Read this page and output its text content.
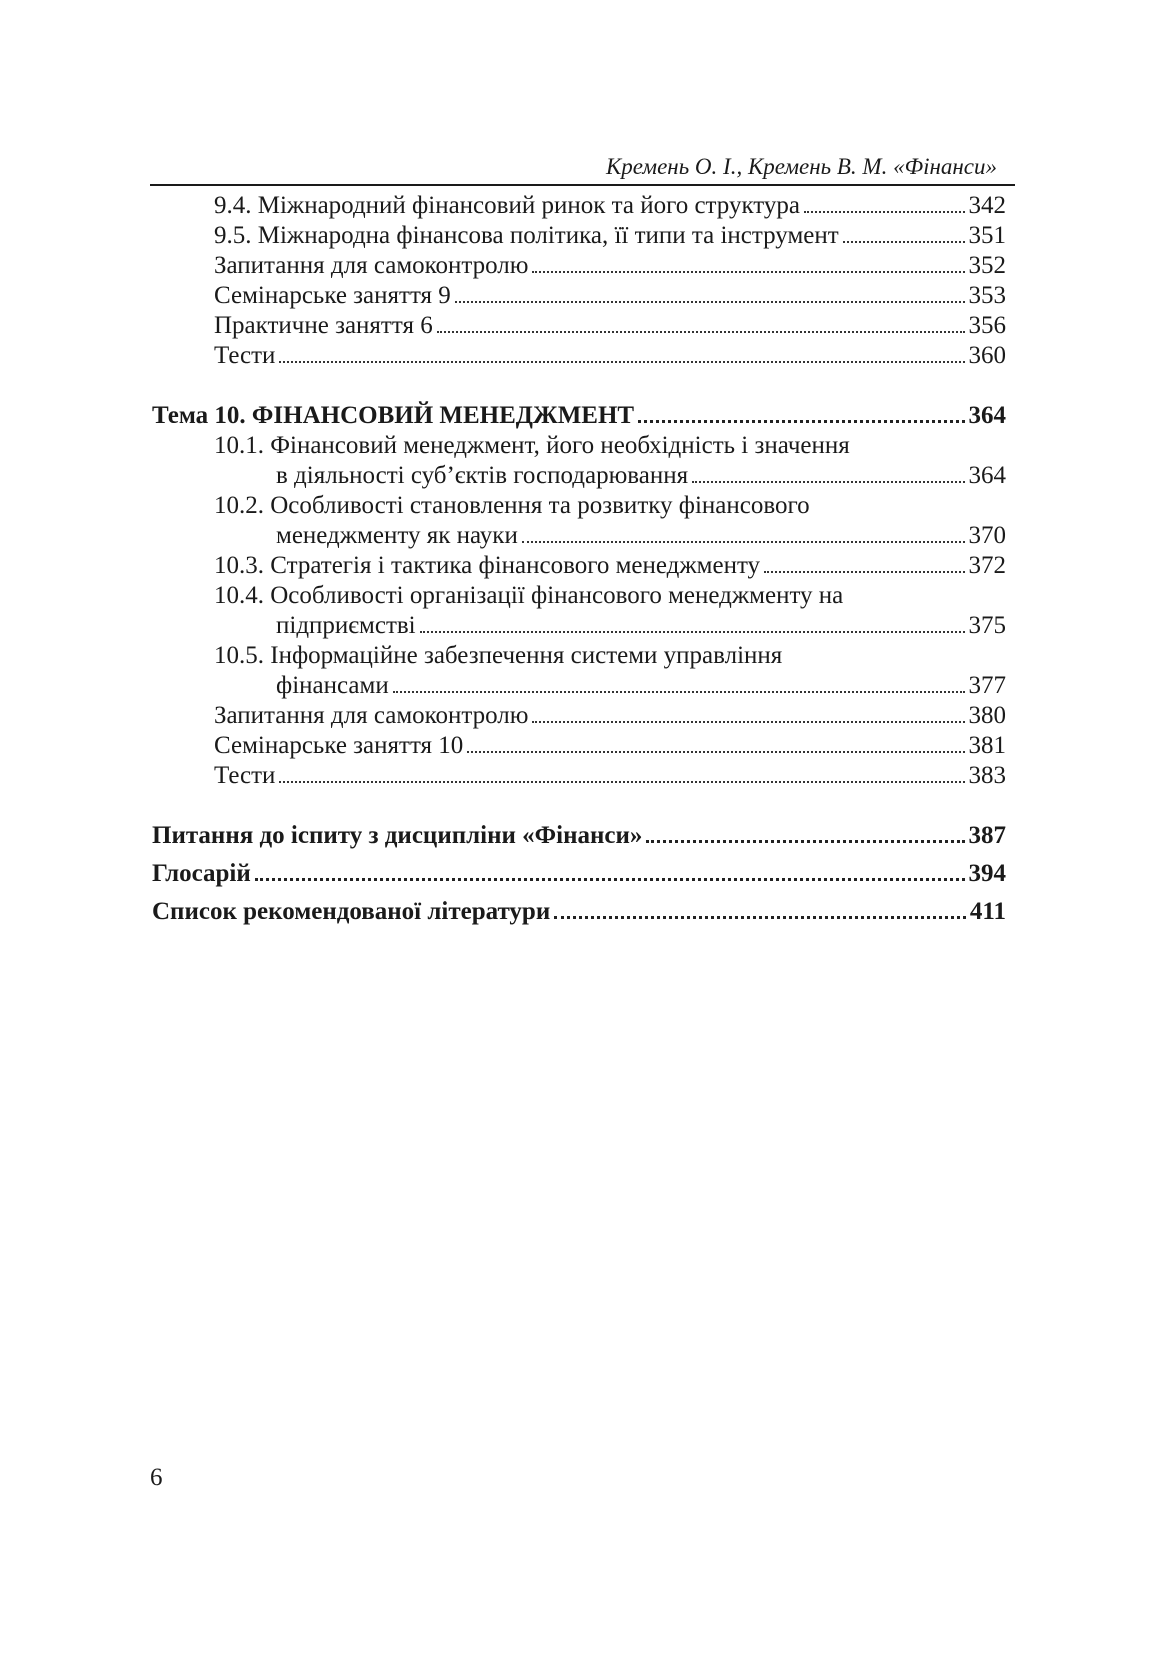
Кремень О. І., Кремень В. М. «Фінанси»
9.4. Міжнародний фінансовий ринок та його структура	342
9.5. Міжнародна фінансова політика, її типи та інструмент	351
Запитання для самоконтролю	352
Семінарське заняття 9	353
Практичне заняття 6	356
Тести	360
Тема 10. ФІНАНСОВИЙ МЕНЕДЖМЕНТ	364
10.1. Фінансовий менеджмент, його необхідність і значення
в діяльності суб’єктів господарювання	364
10.2. Особливості становлення та розвитку фінансового
менеджменту як науки	370
10.3. Стратегія і тактика фінансового менеджменту	372
10.4. Особливості організації фінансового менеджменту на
підприємстві	375
10.5. Інформаційне забезпечення системи управління
фінансами	377
Запитання для самоконтролю	380
Семінарське заняття 10	381
Тести	383
Питання до іспиту з дисципліни «Фінанси»	387
Глосарій	394
Список рекомендованої літератури	411
6
